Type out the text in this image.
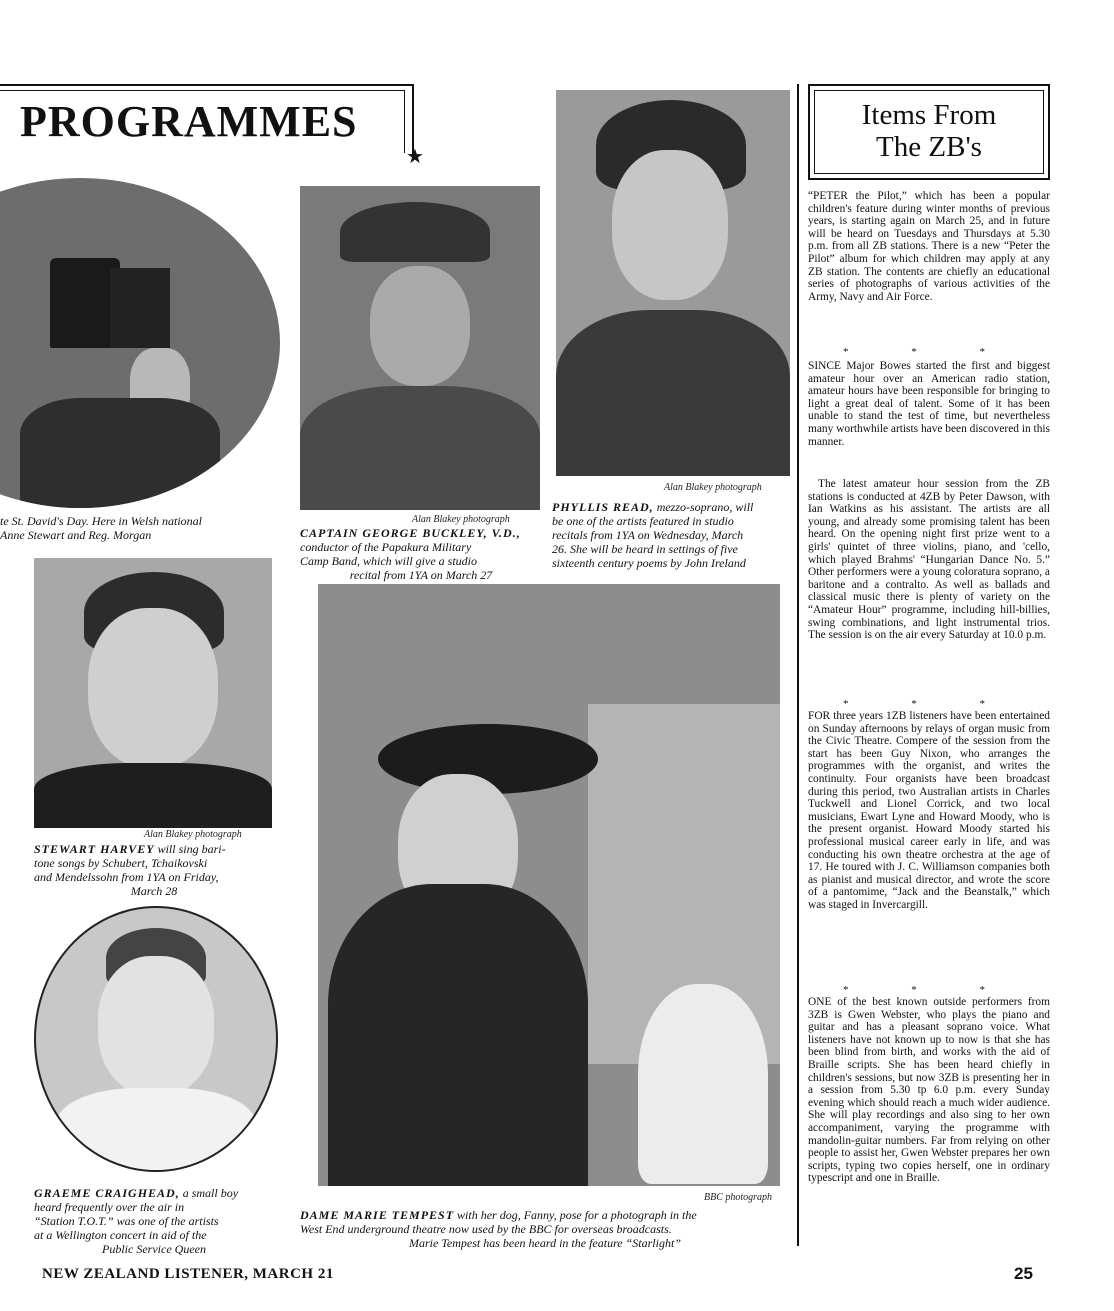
PROGRAMMES
★
te St. David's Day. Here in Welsh national
Anne Stewart and Reg. Morgan
Alan Blakey photograph
CAPTAIN GEORGE BUCKLEY, V.D.,
conductor of the Papakura Military
Camp Band, which will give a studio
recital from 1YA on March 27
Alan Blakey photograph
PHYLLIS READ, mezzo-soprano, will
be one of the artists featured in studio
recitals from 1YA on Wednesday, March
26. She will be heard in settings of five
sixteenth century poems by John Ireland
Alan Blakey photograph
STEWART HARVEY will sing bari-
tone songs by Schubert, Tchaikovski
and Mendelssohn from 1YA on Friday,
March 28
BBC photograph
DAME MARIE TEMPEST with her dog, Fanny, pose for a photograph in the
West End underground theatre now used by the BBC for overseas broadcasts.
Marie Tempest has been heard in the feature “Starlight”
GRAEME CRAIGHEAD, a small boy
heard frequently over the air in
“Station T.O.T.” was one of the artists
at a Wellington concert in aid of the
Public Service Queen
Items From
The ZB's
“PETER the Pilot,” which has been a popular children's feature during winter months of previous years, is starting again on March 25, and in future will be heard on Tuesdays and Thursdays at 5.30 p.m. from all ZB stations. There is a new “Peter the Pilot” album for which children may apply at any ZB station. The contents are chiefly an educational series of photographs of various activities of the Army, Navy and Air Force.
* * *
SINCE Major Bowes started the first and biggest amateur hour over an American radio station, amateur hours have been responsible for bringing to light a great deal of talent. Some of it has been unable to stand the test of time, but nevertheless many worthwhile artists have been discovered in this manner.
The latest amateur hour session from the ZB stations is conducted at 4ZB by Peter Dawson, with Ian Watkins as his assistant. The artists are all young, and already some promising talent has been heard. On the opening night first prize went to a girls' quintet of three violins, piano, and 'cello, which played Brahms' “Hungarian Dance No. 5.” Other performers were a young coloratura soprano, a baritone and a contralto. As well as ballads and classical music there is plenty of variety on the “Amateur Hour” programme, including hill-billies, swing combinations, and light instrumental trios. The session is on the air every Saturday at 10.0 p.m.
* * *
FOR three years 1ZB listeners have been entertained on Sunday afternoons by relays of organ music from the Civic Theatre. Compere of the session from the start has been Guy Nixon, who arranges the programmes with the organist, and writes the continuity. Four organists have been broadcast during this period, two Australian artists in Charles Tuckwell and Lionel Corrick, and two local musicians, Ewart Lyne and Howard Moody, who is the present organist. Howard Moody started his professional musical career early in life, and was conducting his own theatre orchestra at the age of 17. He toured with J. C. Williamson companies both as pianist and musical director, and wrote the score of a pantomime, “Jack and the Beanstalk,” which was staged in Invercargill.
* * *
ONE of the best known outside performers from 3ZB is Gwen Webster, who plays the piano and guitar and has a pleasant soprano voice. What listeners have not known up to now is that she has been blind from birth, and works with the aid of Braille scripts. She has been heard chiefly in children's sessions, but now 3ZB is presenting her in a session from 5.30 tp 6.0 p.m. every Sunday evening which should reach a much wider audience. She will play recordings and also sing to her own accompaniment, varying the programme with mandolin-guitar numbers. Far from relying on other people to assist her, Gwen Webster prepares her own scripts, typing two copies herself, one in ordinary typescript and one in Braille.
NEW ZEALAND LISTENER, MARCH 21	25
